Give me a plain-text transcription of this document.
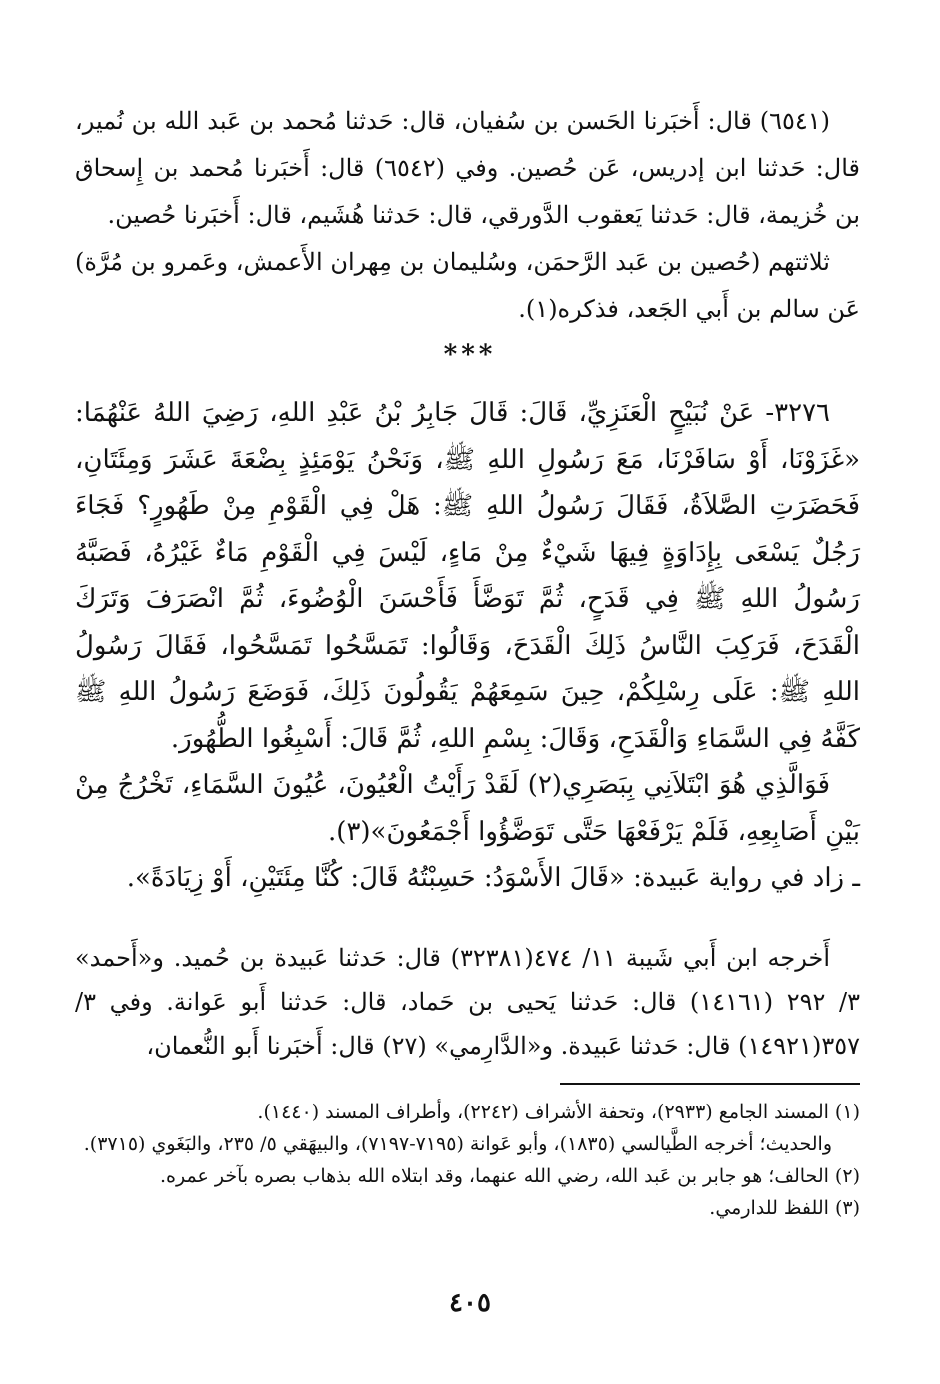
(٦٥٤١) قال: أَخبَرنا الحَسن بن سُفيان، قال: حَدثنا مُحمد بن عَبد الله بن نُمير، قال: حَدثنا ابن إدريس، عَن حُصين. وفي (٦٥٤٢) قال: أَخبَرنا مُحمد بن إِسحاق بن خُزيمة، قال: حَدثنا يَعقوب الدَّورقي، قال: حَدثنا هُشَيم، قال: أَخبَرنا حُصين.

ثلاثتهم (حُصين بن عَبد الرَّحمَن، وسُليمان بن مِهران الأَعمش، وعَمرو بن مُرَّة) عَن سالم بن أَبي الجَعد، فذكره(١).

***

٣٢٧٦- عَنْ نُبَيْحٍ الْعَنَزِيِّ، قَالَ: قَالَ جَابِرُ بْنُ عَبْدِ اللهِ، رَضِيَ اللهُ عَنْهُمَا: «غَزَوْنَا، أَوْ سَافَرْنَا، مَعَ رَسُولِ اللهِ ﷺ، وَنَحْنُ يَوْمَئِذٍ بِضْعَةَ عَشَرَ وَمِئَتَانِ، فَحَضَرَتِ الصَّلاَةُ، فَقَالَ رَسُولُ اللهِ ﷺ: هَلْ فِي الْقَوْمِ مِنْ طَهُورٍ؟ فَجَاءَ رَجُلٌ يَسْعَى بِإِدَاوَةٍ فِيهَا شَيْءٌ مِنْ مَاءٍ، لَيْسَ فِي الْقَوْمِ مَاءٌ غَيْرُهُ، فَصَبَّهُ رَسُولُ اللهِ ﷺ فِي قَدَحٍ، ثُمَّ تَوَضَّأَ فَأَحْسَنَ الْوُضُوءَ، ثُمَّ انْصَرَفَ وَتَرَكَ الْقَدَحَ، فَرَكِبَ النَّاسُ ذَلِكَ الْقَدَحَ، وَقَالُوا: تَمَسَّحُوا تَمَسَّحُوا، فَقَالَ رَسُولُ اللهِ ﷺ: عَلَى رِسْلِكُمْ، حِينَ سَمِعَهُمْ يَقُولُونَ ذَلِكَ، فَوَضَعَ رَسُولُ اللهِ ﷺ كَفَّهُ فِي السَّمَاءِ وَالْقَدَحِ، وَقَالَ: بِسْمِ اللهِ، ثُمَّ قَالَ: أَسْبِغُوا الطُّهُورَ.

فَوَالَّذِي هُوَ ابْتَلاَنِي بِبَصَرِي(٢) لَقَدْ رَأَيْتُ الْعُيُونَ، عُيُونَ السَّمَاءِ، تَخْرُجُ مِنْ بَيْنِ أَصَابِعِهِ، فَلَمْ يَرْفَعْهَا حَتَّى تَوَضَّؤُوا أَجْمَعُونَ»(٣).

ـ زاد في رواية عَبيدة: «قَالَ الأَسْوَدُ: حَسِبْتُهُ قَالَ: كُنَّا مِئَتَيْنِ، أَوْ زِيَادَةً».

أَخرجه ابن أَبي شَيبة ١١/ ٤٧٤(٣٢٣٨١) قال: حَدثنا عَبيدة بن حُميد. و«أَحمد» ٣/ ٢٩٢ (١٤١٦١) قال: حَدثنا يَحيى بن حَماد، قال: حَدثنا أَبو عَوانة. وفي ٣/ ٣٥٧(١٤٩٢١) قال: حَدثنا عَبيدة. و«الدَّارِمي» (٢٧) قال: أَخبَرنا أَبو النُّعمان،

(١) المسند الجامع (٢٩٣٣)، وتحفة الأشراف (٢٢٤٢)، وأطراف المسند (١٤٤٠).

والحديث؛ أخرجه الطَّيالسي (١٨٣٥)، وأبو عَوانة (٧١٩٥-٧١٩٧)، والبيهَقي ٥/ ٢٣٥، والبَغَوي (٣٧١٥).

(٢) الحالف؛ هو جابر بن عَبد الله، رضي الله عنهما، وقد ابتلاه الله بذهاب بصره بآخر عمره.

(٣) اللفظ للدارمي.

٤٠٥
